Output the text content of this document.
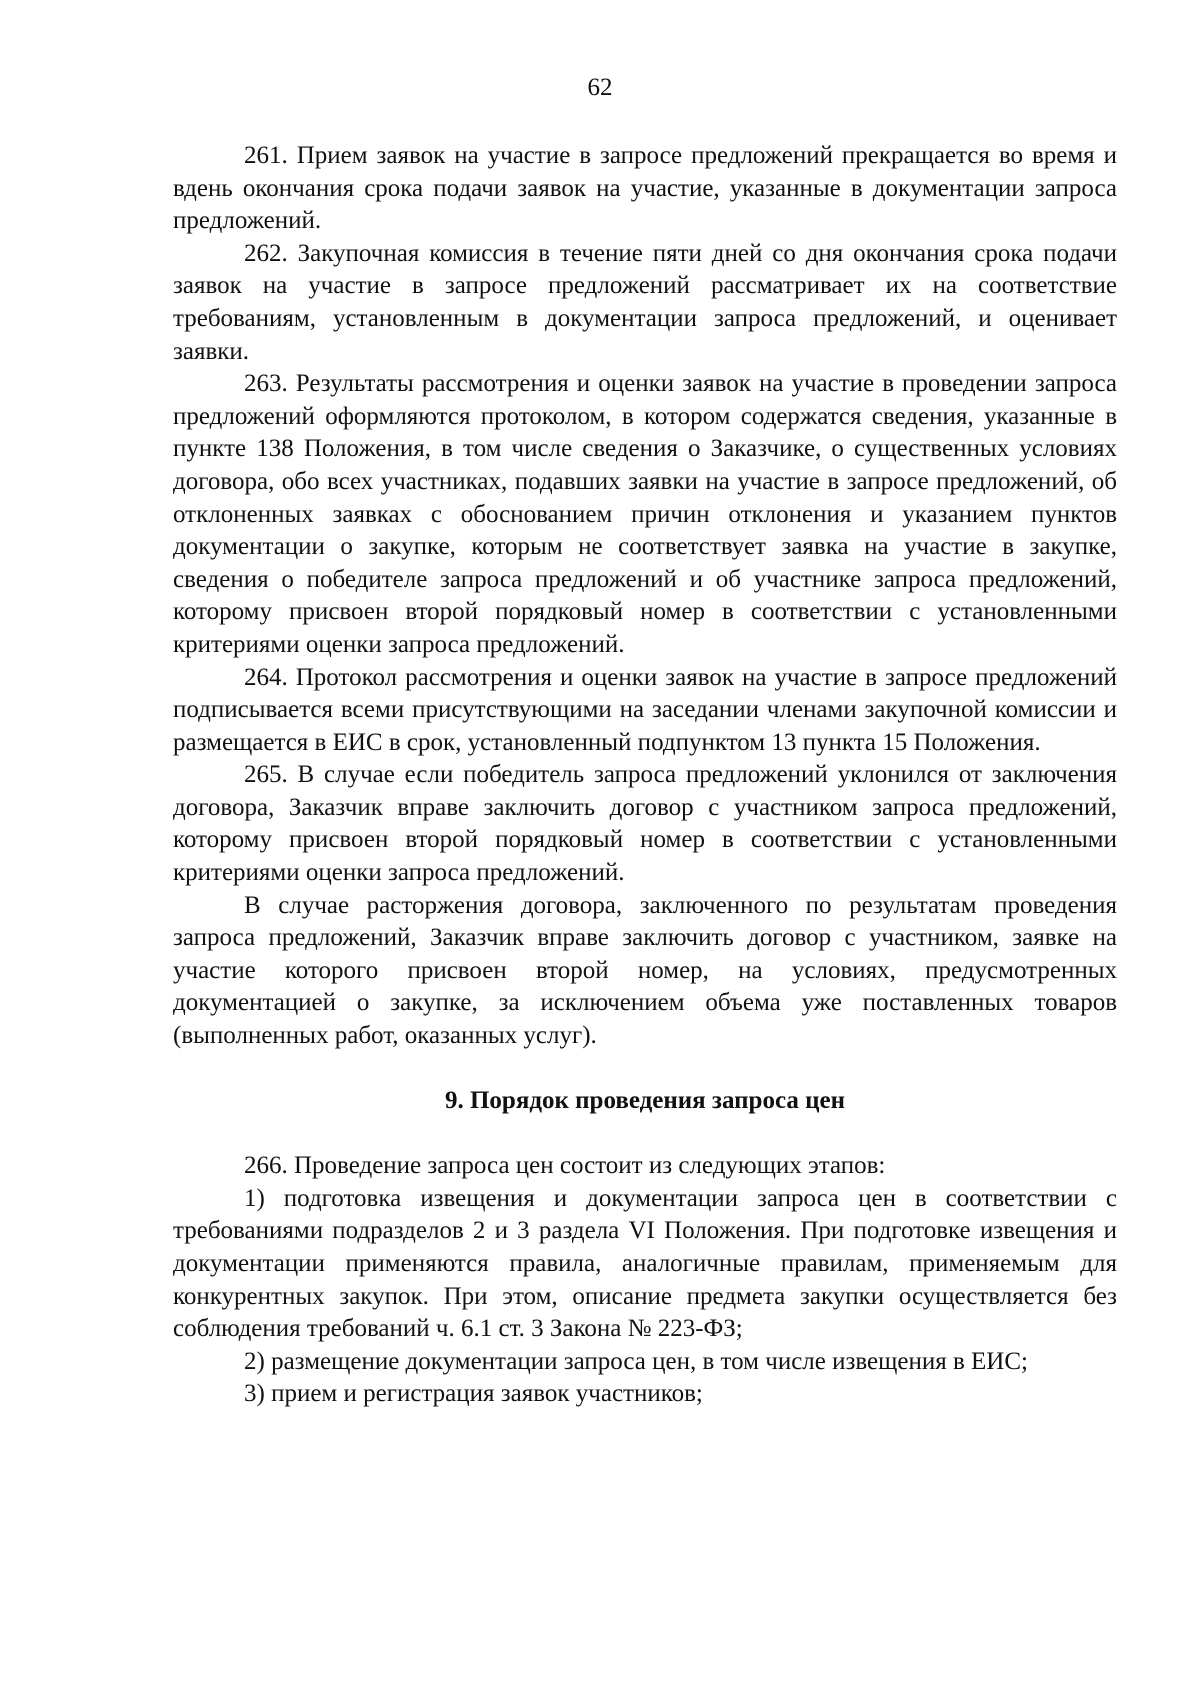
62

261. Прием заявок на участие в запросе предложений прекращается во время и вдень окончания срока подачи заявок на участие, указанные в документации запроса предложений.

262. Закупочная комиссия в течение пяти дней со дня окончания срока подачи заявок на участие в запросе предложений рассматривает их на соответствие требованиям, установленным в документации запроса предложений, и оценивает заявки.

263. Результаты рассмотрения и оценки заявок на участие в проведении запроса предложений оформляются протоколом, в котором содержатся сведения, указанные в пункте 138 Положения, в том числе сведения о Заказчике, о существенных условиях договора, обо всех участниках, подавших заявки на участие в запросе предложений, об отклоненных заявках с обоснованием причин отклонения и указанием пунктов документации о закупке, которым не соответствует заявка на участие в закупке, сведения о победителе запроса предложений и об участнике запроса предложений, которому присвоен второй порядковый номер в соответствии с установленными критериями оценки запроса предложений.

264. Протокол рассмотрения и оценки заявок на участие в запросе предложений подписывается всеми присутствующими на заседании членами закупочной комиссии и размещается в ЕИС в срок, установленный подпунктом 13 пункта 15 Положения.

265. В случае если победитель запроса предложений уклонился от заключения договора, Заказчик вправе заключить договор с участником запроса предложений, которому присвоен второй порядковый номер в соответствии с установленными критериями оценки запроса предложений.

В случае расторжения договора, заключенного по результатам проведения запроса предложений, Заказчик вправе заключить договор с участником, заявке на участие которого присвоен второй номер, на условиях, предусмотренных документацией о закупке, за исключением объема уже поставленных товаров (выполненных работ, оказанных услуг).

9. Порядок проведения запроса цен

266. Проведение запроса цен состоит из следующих этапов:

1) подготовка извещения и документации запроса цен в соответствии с требованиями подразделов 2 и 3 раздела VI Положения. При подготовке извещения и документации применяются правила, аналогичные правилам, применяемым для конкурентных закупок. При этом, описание предмета закупки осуществляется без соблюдения требований ч. 6.1 ст. 3 Закона № 223-ФЗ;

2) размещение документации запроса цен, в том числе извещения в ЕИС;

3) прием и регистрация заявок участников;
